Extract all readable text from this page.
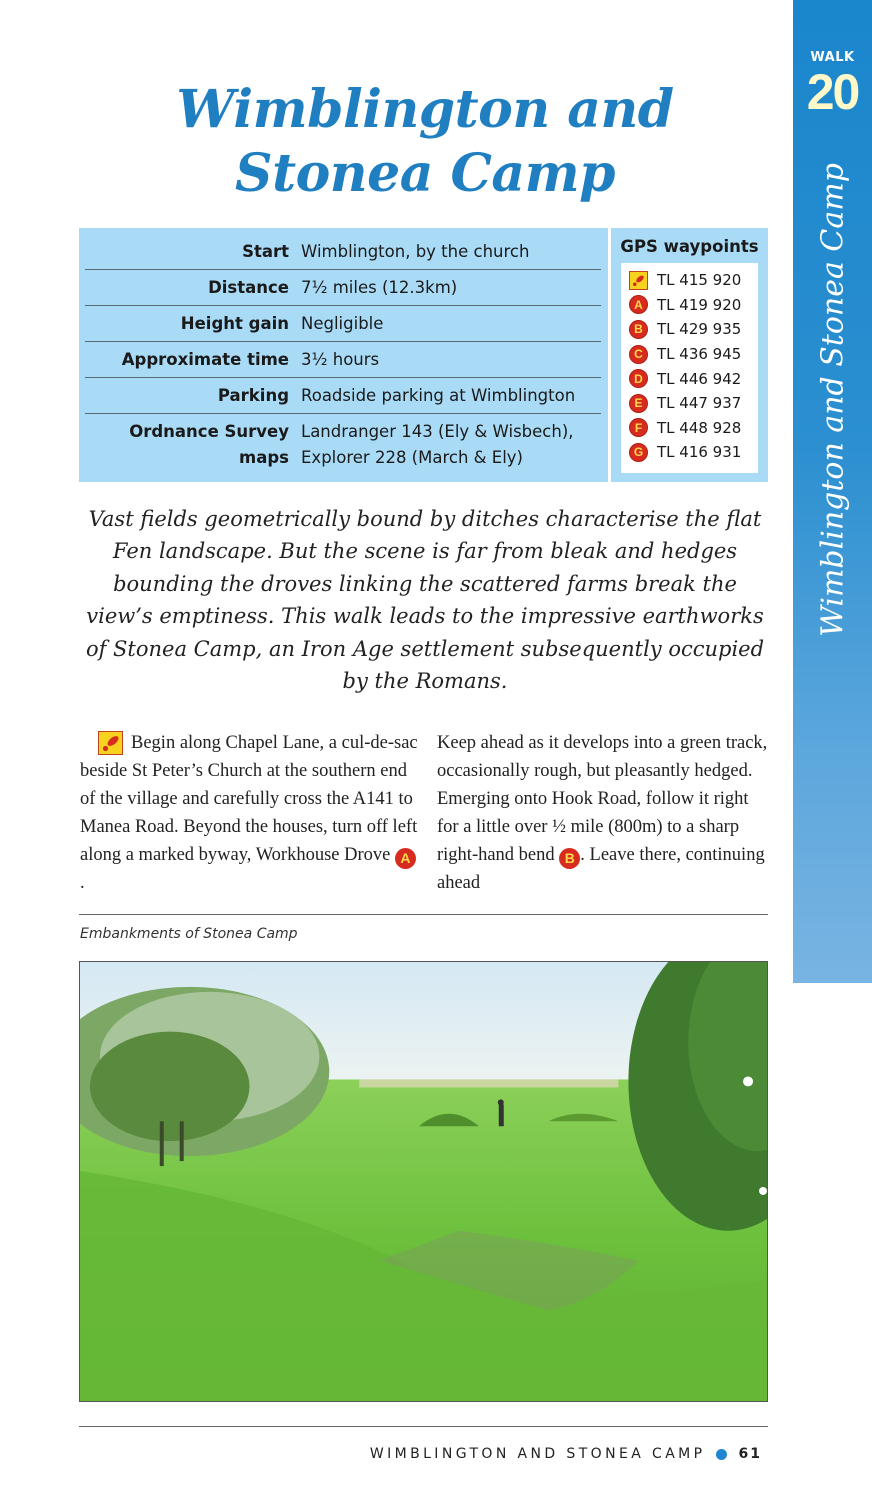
WALK
20
Wimblington and Stonea Camp
Wimblington and
Stonea Camp
Start Wimblington, by the church
Distance 7½ miles (12.3km)
Height gain Negligible
Approximate time 3½ hours
Parking Roadside parking at Wimblington
Ordnance Survey maps
Landranger 143 (Ely & Wisbech),
Explorer 228 (March & Ely)
GPS waypoints
TL 415 920
A TL 419 920
B TL 429 935
C TL 436 945
D TL 446 942
E TL 447 937
F TL 448 928
G TL 416 931

Vast fields geometrically bound by ditches characterise the flat Fen landscape. But the scene is far from bleak and hedges bounding the droves linking the scattered farms break the view’s emptiness. This walk leads to the impressive earthworks of Stonea Camp, an Iron Age settlement subsequently occupied by the Romans.

Begin along Chapel Lane, a cul-de-sac beside St Peter’s Church at the southern end of the village and carefully cross the A141 to Manea Road. Beyond the houses, turn off left along a marked byway, Workhouse Drove A.

Keep ahead as it develops into a green track, occasionally rough, but pleasantly hedged. Emerging onto Hook Road, follow it right for a little over ½ mile (800m) to a sharp right-hand bend B . Leave there, continuing ahead

Embankments of Stonea Camp
WIMBLINGTON AND STONEA CAMP 61
